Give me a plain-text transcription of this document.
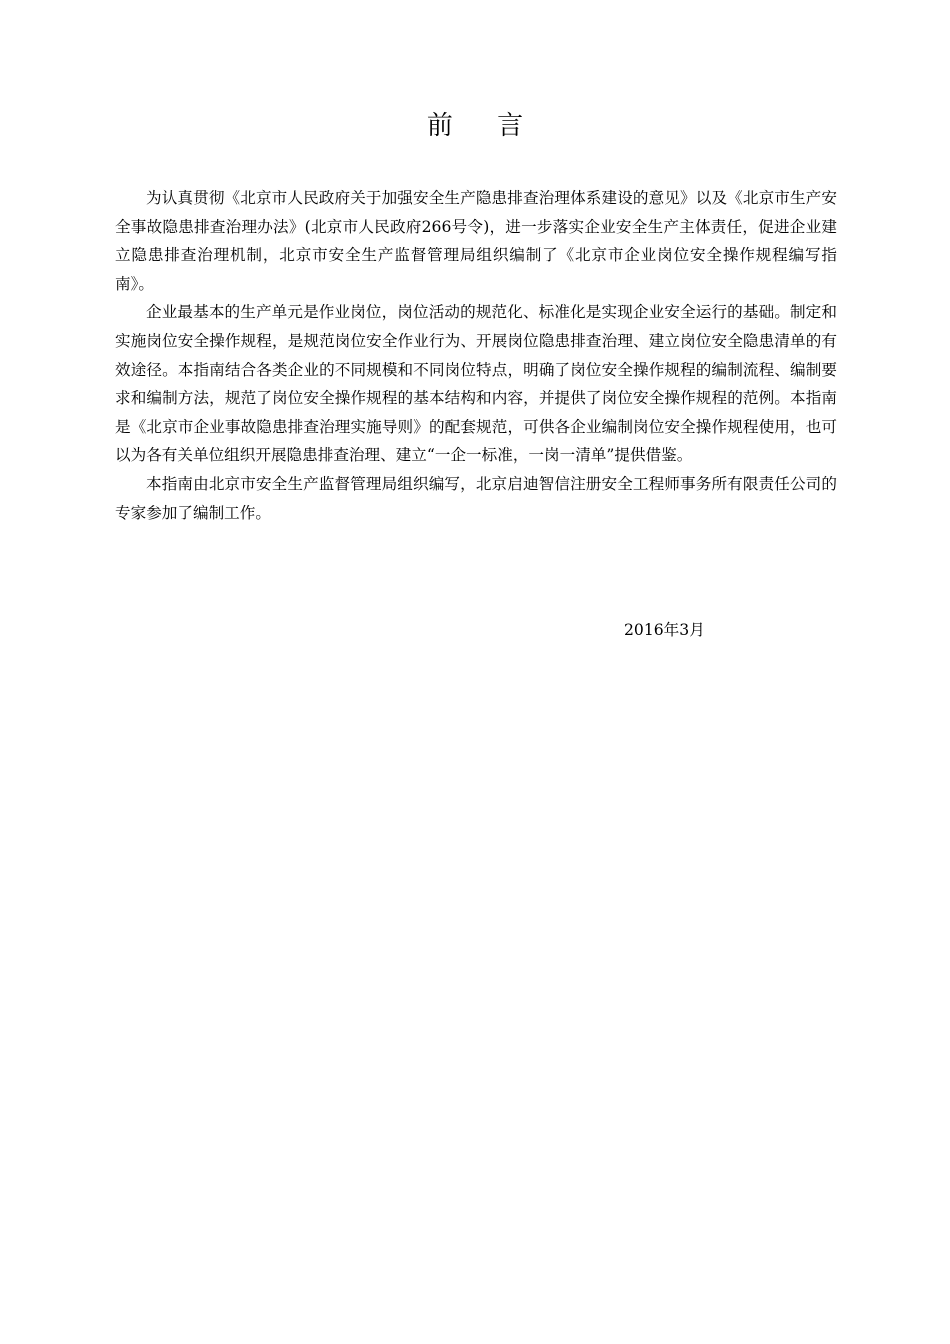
前 言

为认真贯彻《北京市人民政府关于加强安全生产隐患排查治理体系建设的意见》以及《北京市生产安全事故隐患排查治理办法》(北京市人民政府266号令)，进一步落实企业安全生产主体责任，促进企业建立隐患排查治理机制，北京市安全生产监督管理局组织编制了《北京市企业岗位安全操作规程编写指南》。

企业最基本的生产单元是作业岗位，岗位活动的规范化、标准化是实现企业安全运行的基础。制定和实施岗位安全操作规程，是规范岗位安全作业行为、开展岗位隐患排查治理、建立岗位安全隐患清单的有效途径。本指南结合各类企业的不同规模和不同岗位特点，明确了岗位安全操作规程的编制流程、编制要求和编制方法，规范了岗位安全操作规程的基本结构和内容，并提供了岗位安全操作规程的范例。本指南是《北京市企业事故隐患排查治理实施导则》的配套规范，可供各企业编制岗位安全操作规程使用，也可以为各有关单位组织开展隐患排查治理、建立“一企一标准，一岗一清单”提供借鉴。

本指南由北京市安全生产监督管理局组织编写，北京启迪智信注册安全工程师事务所有限责任公司的专家参加了编制工作。

2016年3月
